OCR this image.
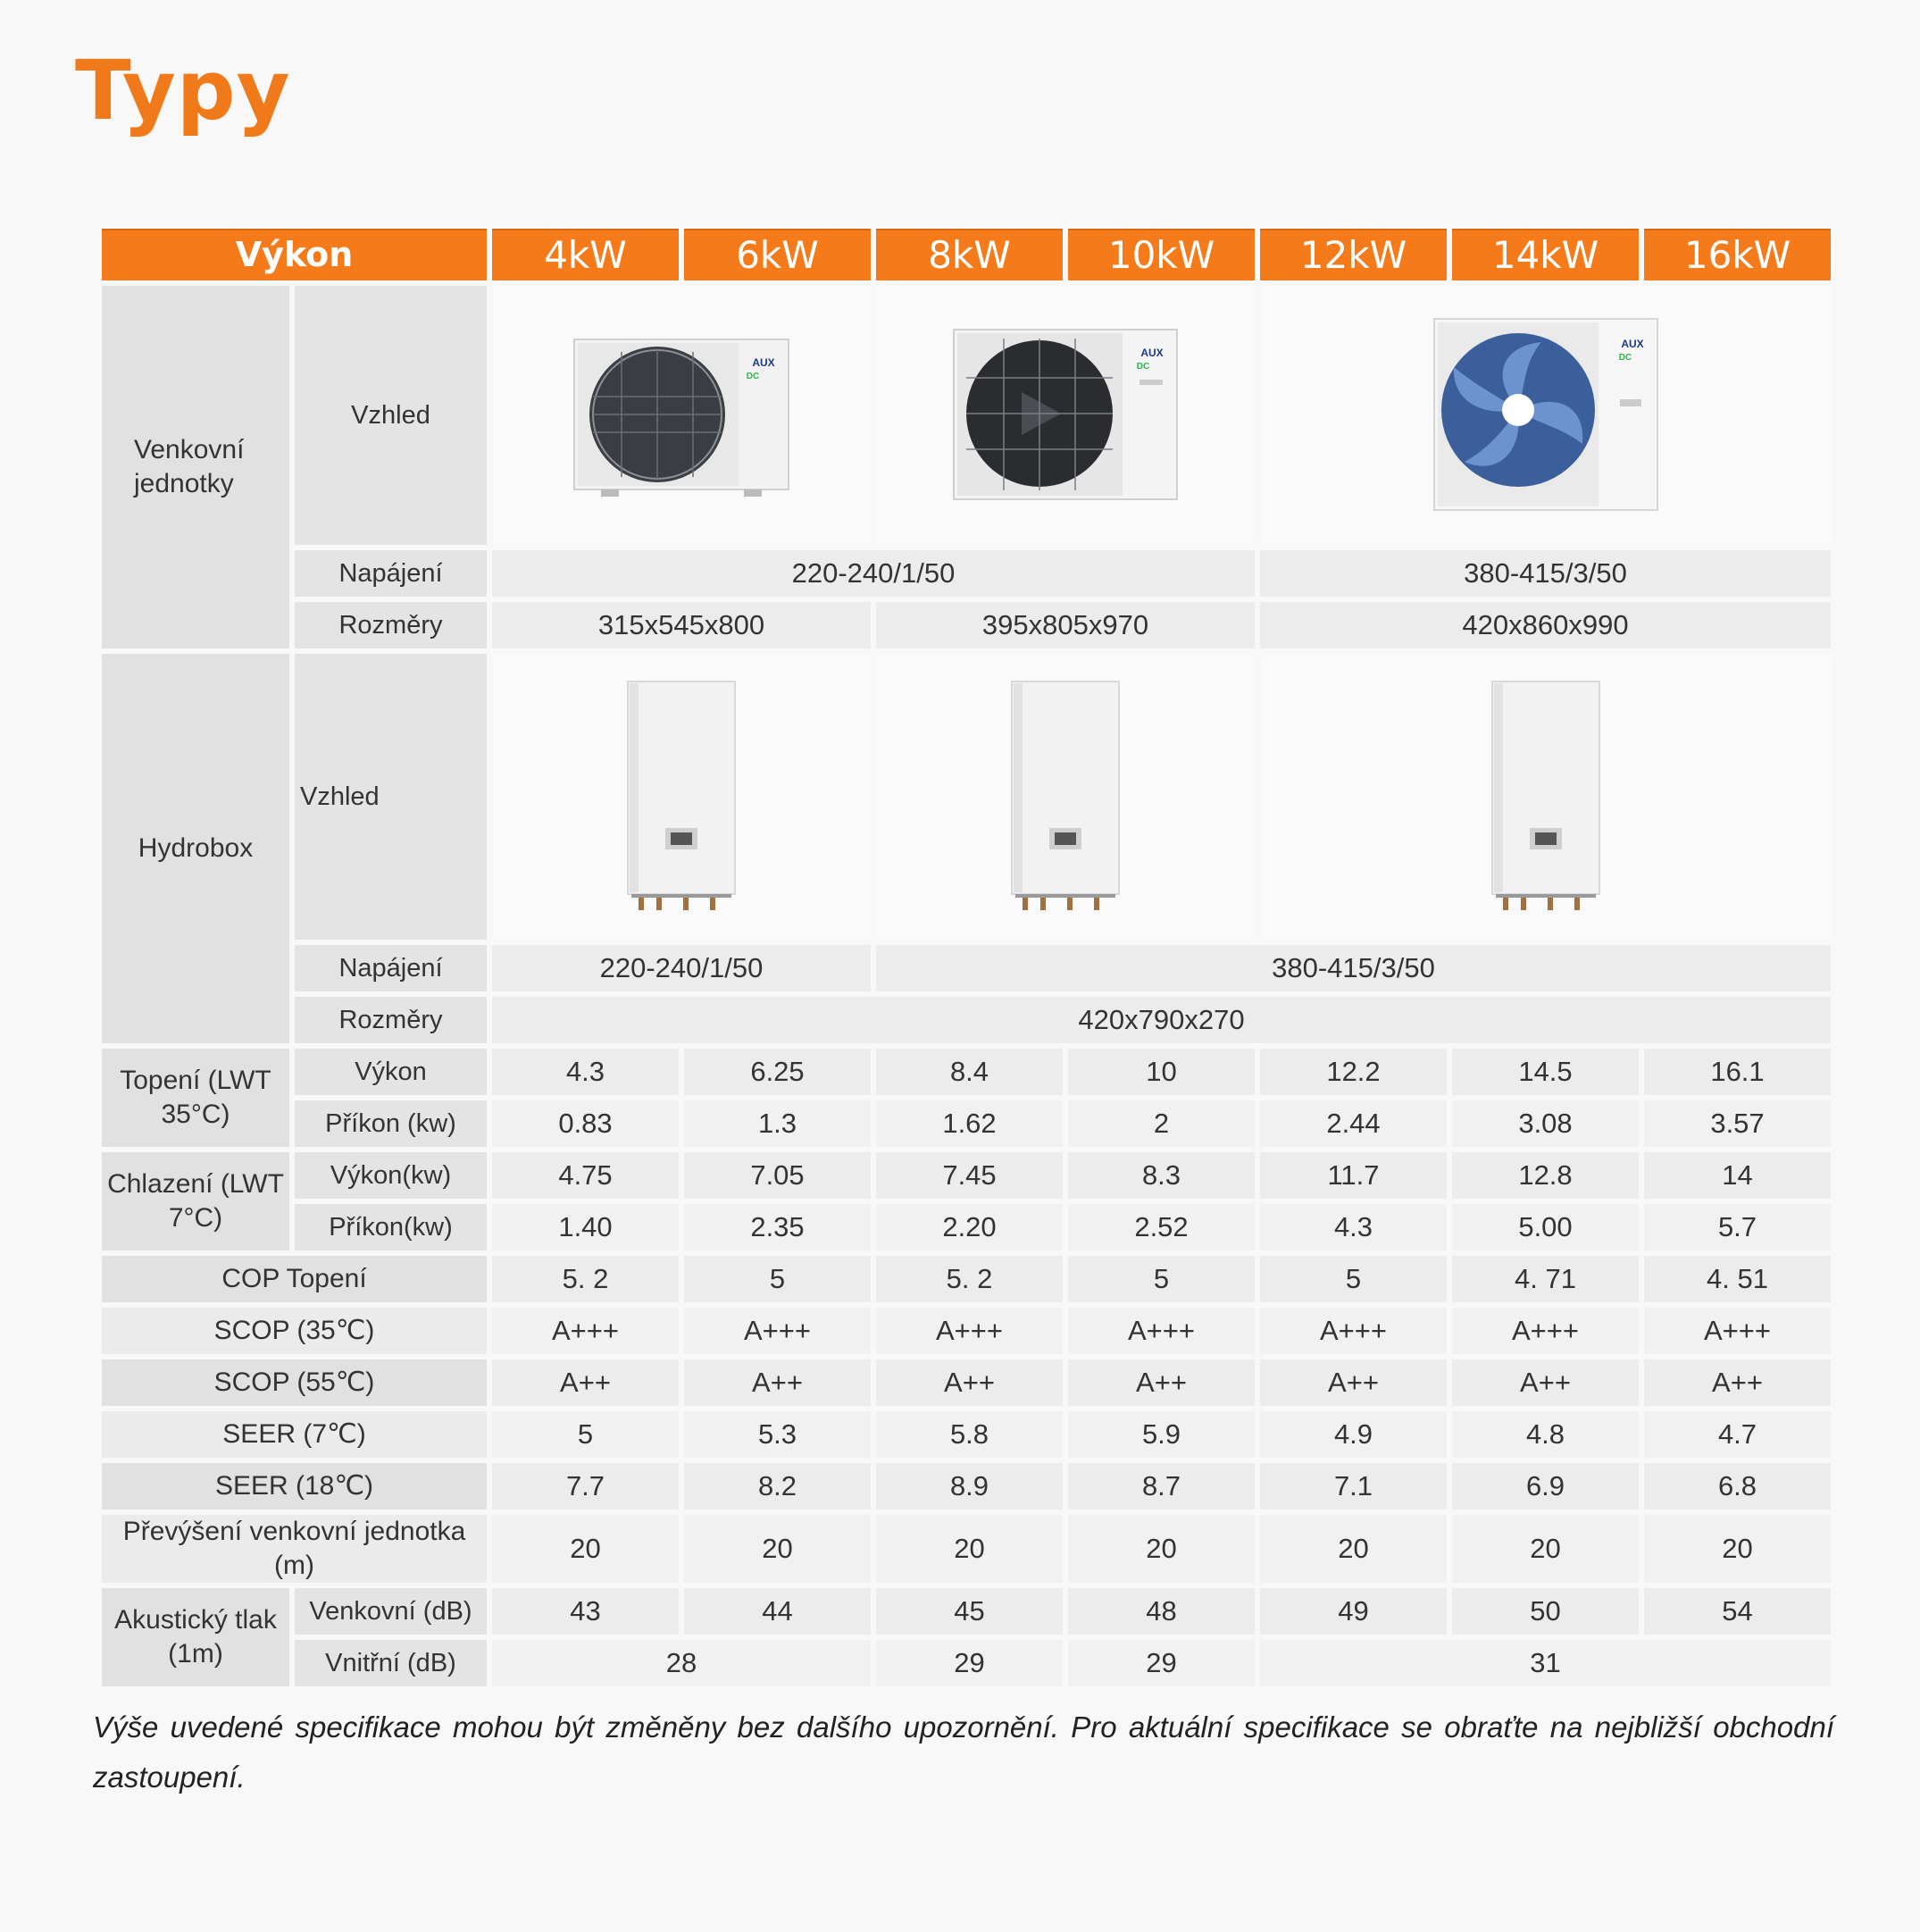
Typy
Výkon		4kW	6kW	8kW	10kW	12kW	14kW	16kW
Venkovní jednotky	Vzhled	AUX
DC		AUX
DC		AUX
DC		

	Napájení	220-240/1/50				380-415/3/50		
	Rozměry	315x545x800		395x805x970		420x860x990		
Hydrobox	Vzhled	

	Napájení	220-240/1/50		380-415/3/50				
	Rozměry	420x790x270						
Topení (LWT 35°C)	Výkon	4.3	6.25	8.4	10	12.2	14.5	16.1
	Příkon (kw)	0.83	1.3	1.62	2	2.44	3.08	3.57
Chlazení (LWT 7°C)	Výkon(kw)	4.75	7.05	7.45	8.3	11.7	12.8	14
	Příkon(kw)	1.40	2.35	2.20	2.52	4.3	5.00	5.7
COP Topení		5. 2	5	5. 2	5	5	4. 71	4. 51
SCOP (35℃)		A+++	A+++	A+++	A+++	A+++	A+++	A+++
SCOP (55℃)		A++	A++	A++	A++	A++	A++	A++
SEER (7℃)		5	5.3	5.8	5.9	4.9	4.8	4.7
SEER (18℃)		7.7	8.2	8.9	8.7	7.1	6.9	6.8
Převýšení venkovní jednotka (m)		20	20	20	20	20	20	20
Akustický tlak (1m)	Venkovní (dB)	43	44	45	48	49	50	54
	Vnitřní (dB)	28		29	29	31		
Výše uvedené specifikace mohou být změněny bez dalšího upozornění. Pro aktuální specifikace se obraťte na nejbližší obchodní zastoupení.
